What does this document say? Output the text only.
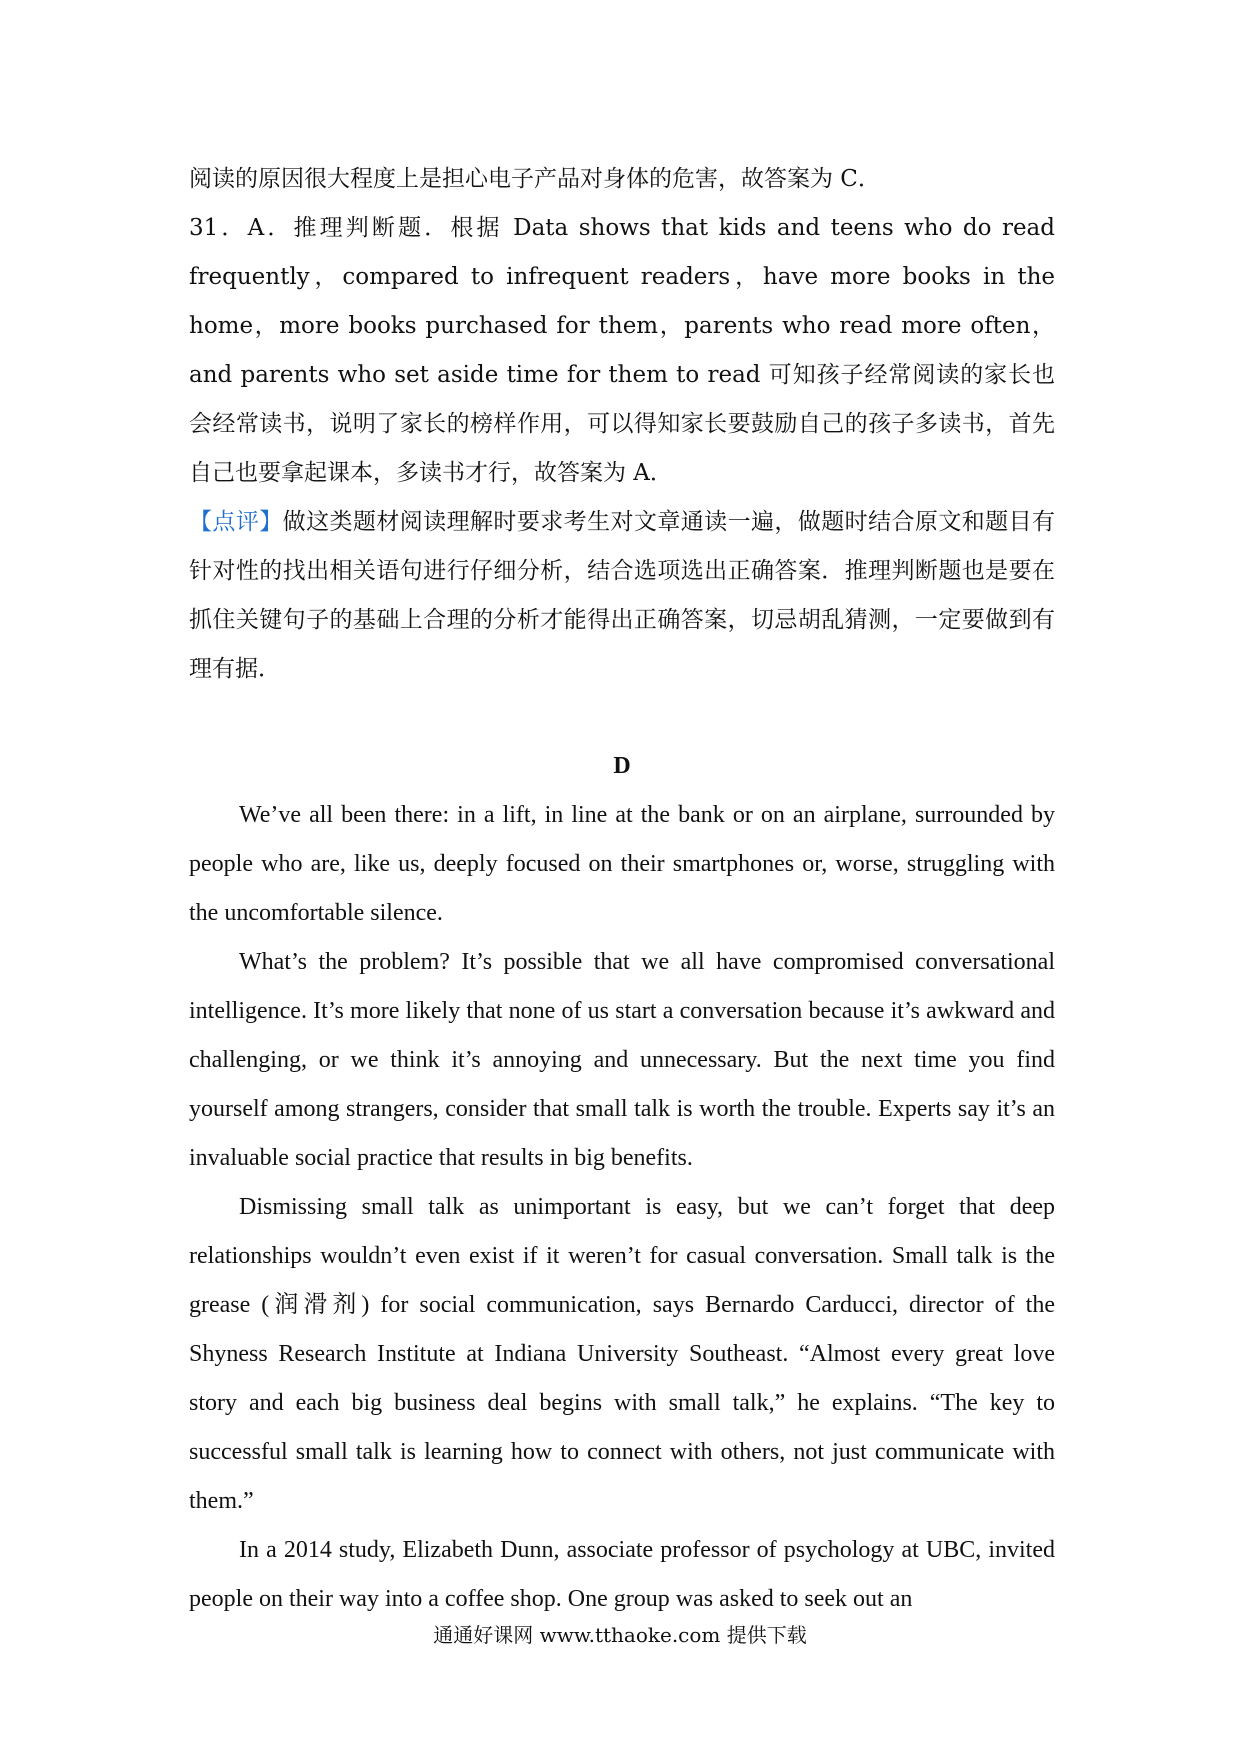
阅读的原因很大程度上是担心电子产品对身体的危害，故答案为 C．

31．A．推理判断题．根据 Data shows that kids and teens who do read frequently，compared to infrequent readers，have more books in the home，more books purchased for them，parents who read more often，and parents who set aside time for them to read 可知孩子经常阅读的家长也会经常读书，说明了家长的榜样作用，可以得知家长要鼓励自己的孩子多读书，首先自己也要拿起课本，多读书才行，故答案为 A．

【点评】做这类题材阅读理解时要求考生对文章通读一遍，做题时结合原文和题目有针对性的找出相关语句进行仔细分析，结合选项选出正确答案．推理判断题也是要在抓住关键句子的基础上合理的分析才能得出正确答案，切忌胡乱猜测，一定要做到有理有据．

D

We’ve all been there: in a lift, in line at the bank or on an airplane, surrounded by people who are, like us, deeply focused on their smartphones or, worse, struggling with the uncomfortable silence.

What’s the problem? It’s possible that we all have compromised conversational intelligence. It’s more likely that none of us start a conversation because it’s awkward and challenging, or we think it’s annoying and unnecessary. But the next time you find yourself among strangers, consider that small talk is worth the trouble. Experts say it’s an invaluable social practice that results in big benefits.

Dismissing small talk as unimportant is easy, but we can’t forget that deep relationships wouldn’t even exist if it weren’t for casual conversation. Small talk is the grease (润滑剂) for social communication, says Bernardo Carducci, director of the Shyness Research Institute at Indiana University Southeast. “Almost every great love story and each big business deal begins with small talk,” he explains. “The key to successful small talk is learning how to connect with others, not just communicate with them.”

In a 2014 study, Elizabeth Dunn, associate professor of psychology at UBC, invited people on their way into a coffee shop. One group was asked to seek out an

通通好课网 www.tthaoke.com 提供下载
